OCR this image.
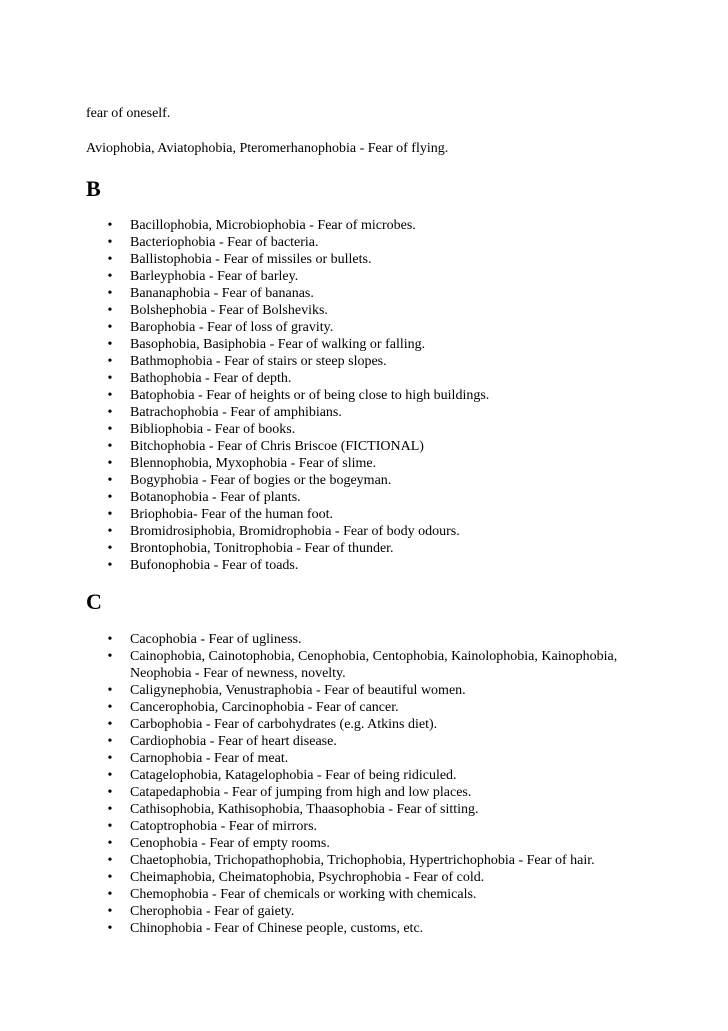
fear of oneself.

Aviophobia, Aviatophobia, Pteromerhanophobia - Fear of flying.

B
• Bacillophobia, Microbiophobia - Fear of microbes.
• Bacteriophobia - Fear of bacteria.
• Ballistophobia - Fear of missiles or bullets.
• Barleyphobia - Fear of barley.
• Bananaphobia - Fear of bananas.
• Bolshephobia - Fear of Bolsheviks.
• Barophobia - Fear of loss of gravity.
• Basophobia, Basiphobia - Fear of walking or falling.
• Bathmophobia - Fear of stairs or steep slopes.
• Bathophobia - Fear of depth.
• Batophobia - Fear of heights or of being close to high buildings.
• Batrachophobia - Fear of amphibians.
• Bibliophobia - Fear of books.
• Bitchophobia - Fear of Chris Briscoe (FICTIONAL)
• Blennophobia, Myxophobia - Fear of slime.
• Bogyphobia - Fear of bogies or the bogeyman.
• Botanophobia - Fear of plants.
• Briophobia- Fear of the human foot.
• Bromidrosiphobia, Bromidrophobia - Fear of body odours.
• Brontophobia, Tonitrophobia - Fear of thunder.
• Bufonophobia - Fear of toads.
C
• Cacophobia - Fear of ugliness.
• Cainophobia, Cainotophobia, Cenophobia, Centophobia, Kainolophobia, Kainophobia, Neophobia - Fear of newness, novelty.
• Caligynephobia, Venustraphobia - Fear of beautiful women.
• Cancerophobia, Carcinophobia - Fear of cancer.
• Carbophobia - Fear of carbohydrates (e.g. Atkins diet).
• Cardiophobia - Fear of heart disease.
• Carnophobia - Fear of meat.
• Catagelophobia, Katagelophobia - Fear of being ridiculed.
• Catapedaphobia - Fear of jumping from high and low places.
• Cathisophobia, Kathisophobia, Thaasophobia - Fear of sitting.
• Catoptrophobia - Fear of mirrors.
• Cenophobia - Fear of empty rooms.
• Chaetophobia, Trichopathophobia, Trichophobia, Hypertrichophobia - Fear of hair.
• Cheimaphobia, Cheimatophobia, Psychrophobia - Fear of cold.
• Chemophobia - Fear of chemicals or working with chemicals.
• Cherophobia - Fear of gaiety.
• Chinophobia - Fear of Chinese people, customs, etc.
